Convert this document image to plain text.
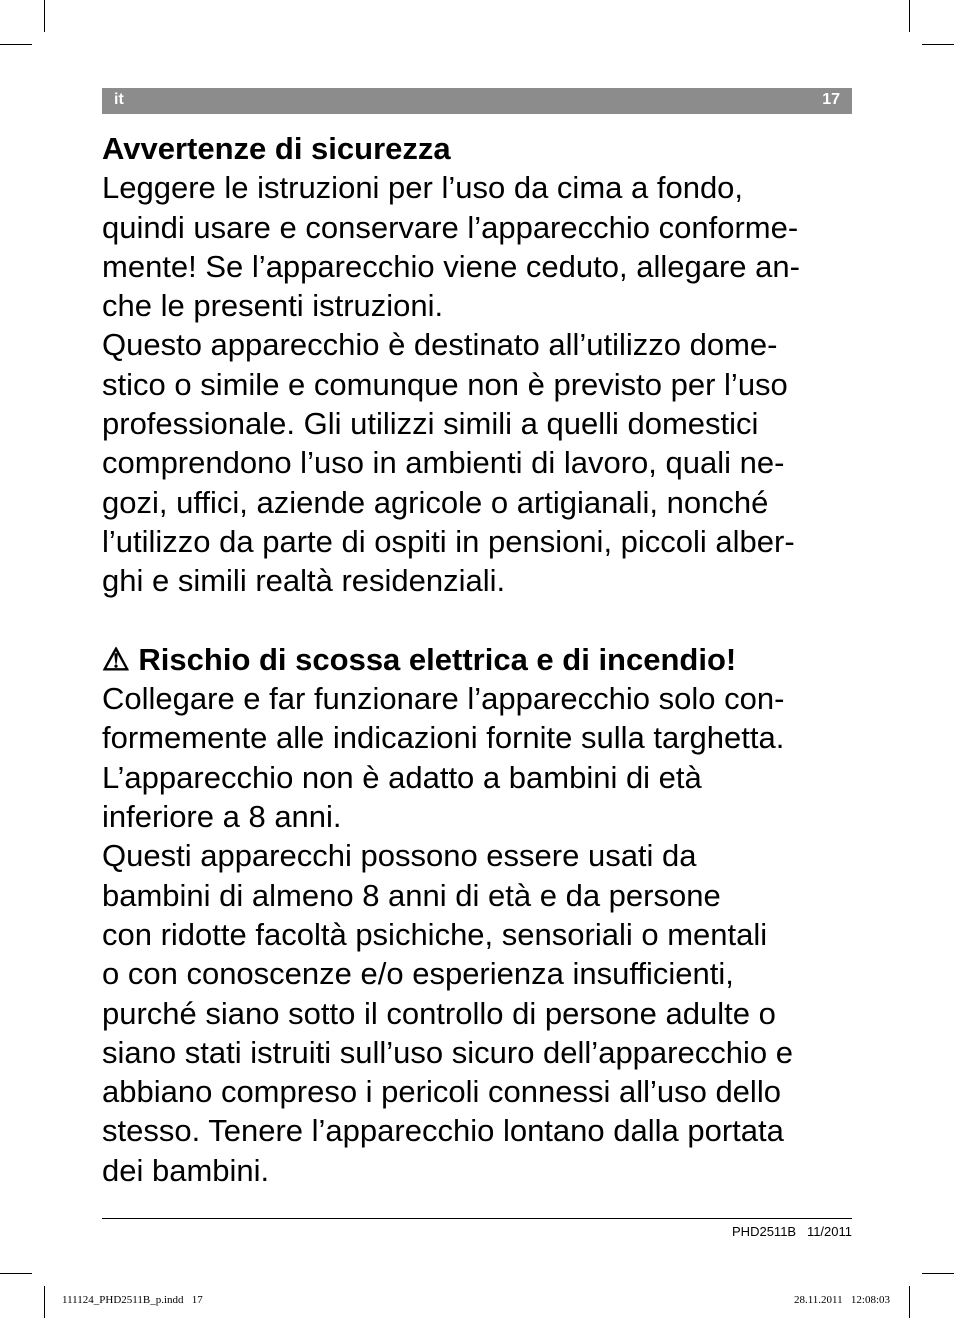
it	17
Avvertenze di sicurezza
Leggere le istruzioni per l’uso da cima a fondo,
quindi usare e conservare l’apparecchio conforme-
mente! Se l’apparecchio viene ceduto, allegare an-
che le presenti istruzioni.
Questo apparecchio è destinato all’utilizzo dome-
stico o simile e comunque non è previsto per l’uso
professionale. Gli utilizzi simili a quelli domestici
comprendono l’uso in ambienti di lavoro, quali ne-
gozi, uffici, aziende agricole o artigianali, nonché
l’utilizzo da parte di ospiti in pensioni, piccoli alber-
ghi e simili realtà residenziali.
⚠ Rischio di scossa elettrica e di incendio!
Collegare e far funzionare l’apparecchio solo con-
formemente alle indicazioni fornite sulla targhetta.
L’apparecchio non è adatto a bambini di età
inferiore a 8 anni.
Questi apparecchi possono essere usati da
bambini di almeno 8 anni di età e da persone
con ridotte facoltà psichiche, sensoriali o mentali
o con conoscenze e/o esperienza insufficienti,
purché siano sotto il controllo di persone adulte o
siano stati istruiti sull’uso sicuro dell’apparecchio e
abbiano compreso i pericoli connessi all’uso dello
stesso. Tenere l’apparecchio lontano dalla portata
dei bambini.
PHD2511B 11/2011
111124_PHD2511B_p.indd   17	28.11.2011   12:08:03
